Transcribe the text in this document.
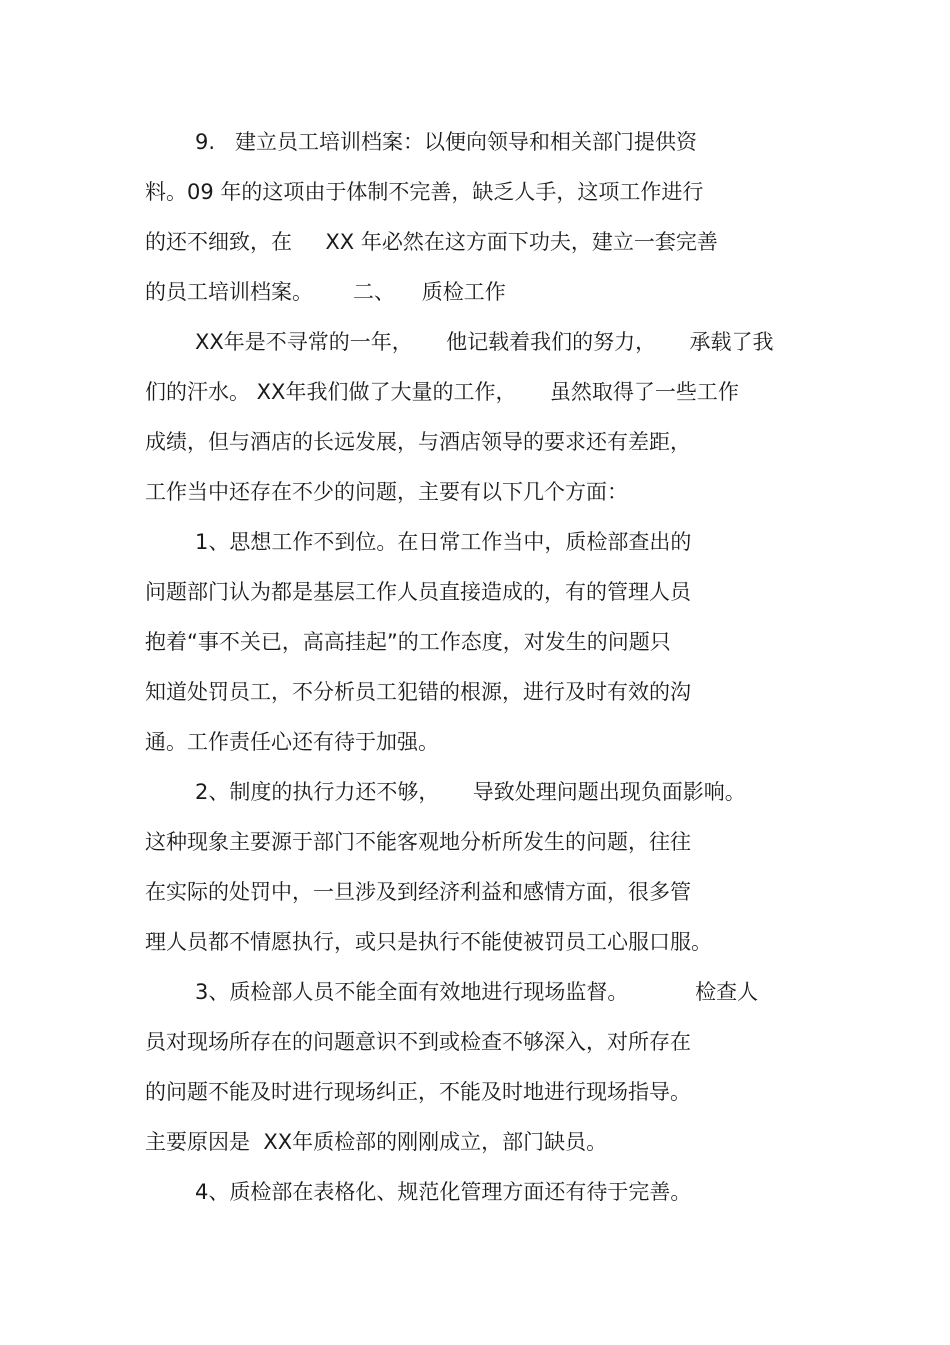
9.   建立员工培训档案：以便向领导和相关部门提供资
料。09 年的这项由于体制不完善，缺乏人手，这项工作进行
的还不细致，在     XX 年必然在这方面下功夫，建立一套完善
的员工培训档案。      二、    质检工作
XX年是不寻常的一年，     他记载着我们的努力，     承载了我
们的汗水。 XX年我们做了大量的工作，     虽然取得了一些工作
成绩，但与酒店的长远发展，与酒店领导的要求还有差距，
工作当中还存在不少的问题，主要有以下几个方面：
1、思想工作不到位。在日常工作当中，质检部查出的
问题部门认为都是基层工作人员直接造成的，有的管理人员
抱着“事不关已，高高挂起”的工作态度，对发生的问题只
知道处罚员工，不分析员工犯错的根源，进行及时有效的沟
通。工作责任心还有待于加强。
2、制度的执行力还不够，     导致处理问题出现负面影响。
这种现象主要源于部门不能客观地分析所发生的问题，往往
在实际的处罚中，一旦涉及到经济利益和感情方面，很多管
理人员都不情愿执行，或只是执行不能使被罚员工心服口服。
3、质检部人员不能全面有效地进行现场监督。          检查人
员对现场所存在的问题意识不到或检查不够深入，对所存在
的问题不能及时进行现场纠正，不能及时地进行现场指导。
主要原因是  XX年质检部的刚刚成立，部门缺员。
4、质检部在表格化、规范化管理方面还有待于完善。
